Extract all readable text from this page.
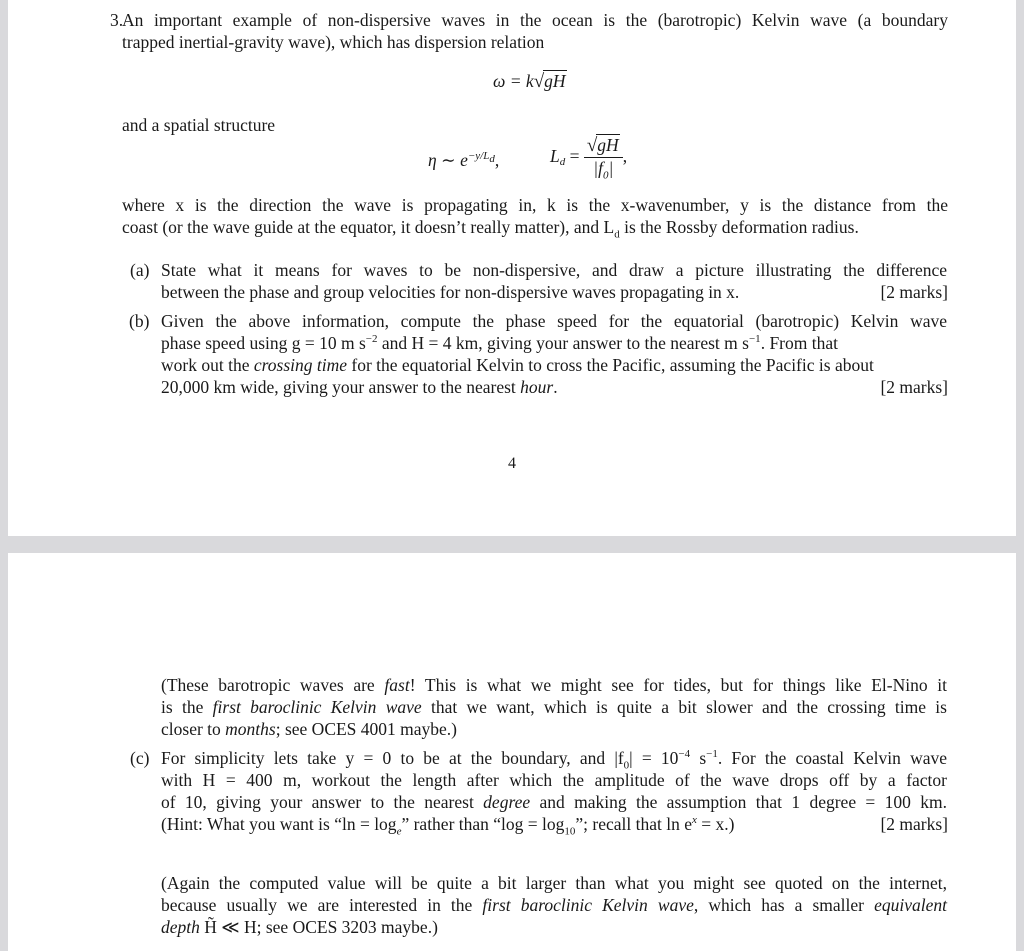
3.
An important example of non-dispersive waves in the ocean is the (barotropic) Kelvin wave (a boundary
trapped inertial-gravity wave), which has dispersion relation
ω = k√gH
and a spatial structure
η ∼ $e^{-y/L_d}$,	$L_d = \frac{√gH}{|f_0|}$ ,
where x is the direction the wave is propagating in, k is the x-wavenumber, y is the distance from the
coast (or the wave guide at the equator, it doesn’t really matter), and $L_d$ is the Rossby deformation radius.
(a) State what it means for waves to be non-dispersive, and draw a picture illustrating the difference
between the phase and group velocities for non-dispersive waves propagating in x.	[2 marks]
(b) Given the above information, compute the phase speed for the equatorial (barotropic) Kelvin wave
phase speed using g = 10 m $s^{-2}$ and H = 4 km, giving your answer to the nearest m $s^{-1}$. From that
work out the crossing time for the equatorial Kelvin to cross the Pacific, assuming the Pacific is about
20,000 km wide, giving your answer to the nearest hour.	[2 marks]
4
(These barotropic waves are fast! This is what we might see for tides, but for things like El-Nino it
is the first baroclinic Kelvin wave that we want, which is quite a bit slower and the crossing time is
closer to months; see OCES 4001 maybe.)
(c) For simplicity lets take y = 0 to be at the boundary, and $|f_0| = 10^{-4}$ $s^{-1}$. For the coastal Kelvin wave
with H = 400 m, workout the length after which the amplitude of the wave drops off by a factor
of 10, giving your answer to the nearest degree and making the assumption that 1 degree = 100 km.
(Hint: What you want is “$\ln = \log_e$” rather than “$\log = \log_{10}$”; recall that $\ln e^x = x$.)	[2 marks]
(Again the computed value will be quite a bit larger than what you might see quoted on the internet,
because usually we are interested in the first baroclinic Kelvin wave, which has a smaller equivalent
depth H̃ ≪ H; see OCES 3203 maybe.)
